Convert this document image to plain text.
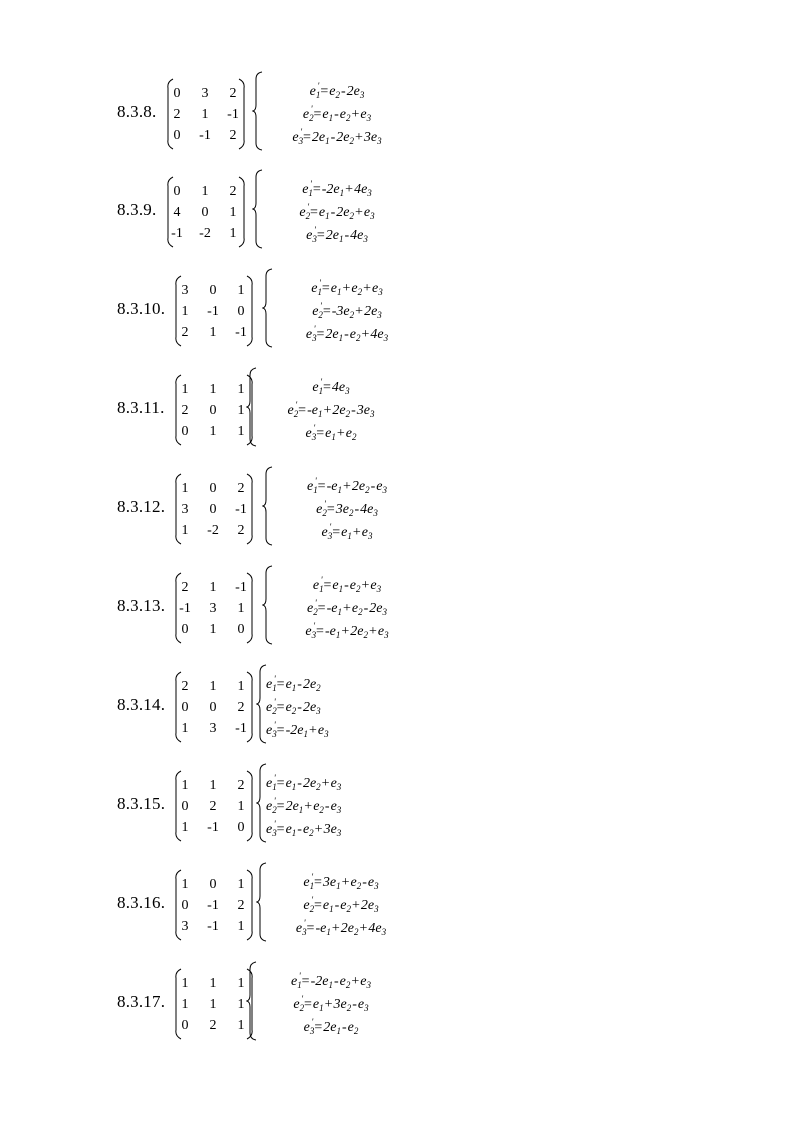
8.3.8.
0	3	2
2	1	-1
0	-1	2
$e_1'=e_2-2e_3$
$e_2'=e_1-e_2+e_3$
$e_3'=2e_1-2e_2+3e_3$
8.3.9.
0	1	2
4	0	1
-1	-2	1
$e_1'=-2e_1+4e_3$
$e_2'=e_1-2e_2+e_3$
$e_3'=2e_1-4e_3$
8.3.10.
3	0	1
1	-1	0
2	1	-1
$e_1'=e_1+e_2+e_3$
$e_2'=-3e_2+2e_3$
$e_3'=2e_1-e_2+4e_3$
8.3.11.
1	1	1
2	0	1
0	1	1
$e_1'=4e_3$
$e_2'=-e_1+2e_2-3e_3$
$e_3'=e_1+e_2$
8.3.12.
1	0	2
3	0	-1
1	-2	2
$e_1'=-e_1+2e_2-e_3$
$e_2'=3e_2-4e_3$
$e_3'=e_1+e_3$
8.3.13.
2	1	-1
-1	3	1
0	1	0
$e_1'=e_1-e_2+e_3$
$e_2'=-e_1+e_2-2e_3$
$e_3'=-e_1+2e_2+e_3$
8.3.14.
2	1	1
0	0	2
1	3	-1
$e_1'=e_1-2e_2$
$e_2'=e_2-2e_3$
$e_3'=-2e_1+e_3$
8.3.15.
1	1	2
0	2	1
1	-1	0
$e_1'=e_1-2e_2+e_3$
$e_2'=2e_1+e_2-e_3$
$e_3'=e_1-e_2+3e_3$
8.3.16.
1	0	1
0	-1	2
3	-1	1
$e_1'=3e_1+e_2-e_3$
$e_2'=e_1-e_2+2e_3$
$e_3'=-e_1+2e_2+4e_3$
8.3.17.
1	1	1
1	1	1
0	2	1
$e_1'=-2e_1-e_2+e_3$
$e_2'=e_1+3e_2-e_3$
$e_3'=2e_1-e_2$
